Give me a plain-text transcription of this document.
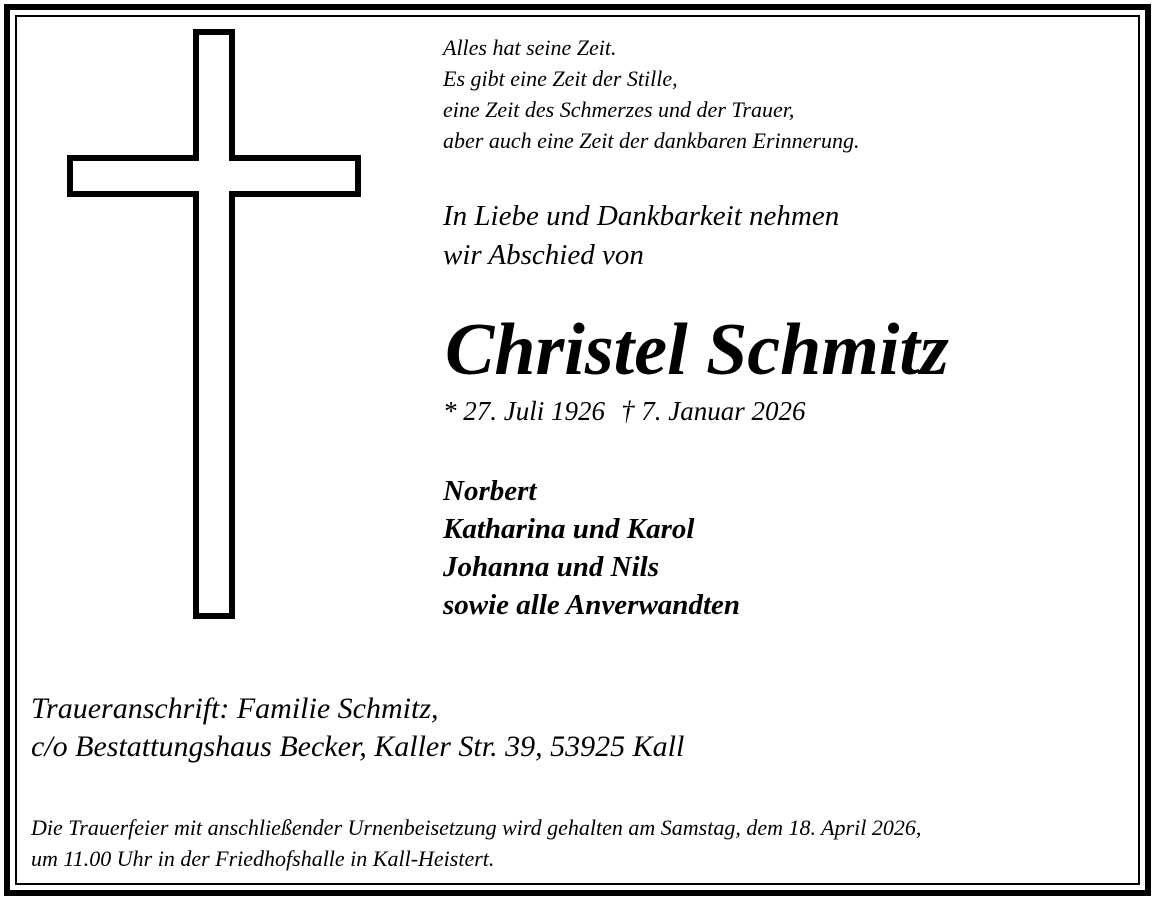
Alles hat seine Zeit.
Es gibt eine Zeit der Stille,
eine Zeit des Schmerzes und der Trauer,
aber auch eine Zeit der dankbaren Erinnerung.
In Liebe und Dankbarkeit nehmen
wir Abschied von
Christel Schmitz
* 27. Juli 1926 † 7. Januar 2026
Norbert
Katharina und Karol
Johanna und Nils
sowie alle Anverwandten
Traueranschrift: Familie Schmitz,
c/o Bestattungshaus Becker, Kaller Str. 39, 53925 Kall
Die Trauerfeier mit anschließender Urnenbeisetzung wird gehalten am Samstag, dem 18. April 2026,
um 11.00 Uhr in der Friedhofshalle in Kall-Heistert.
